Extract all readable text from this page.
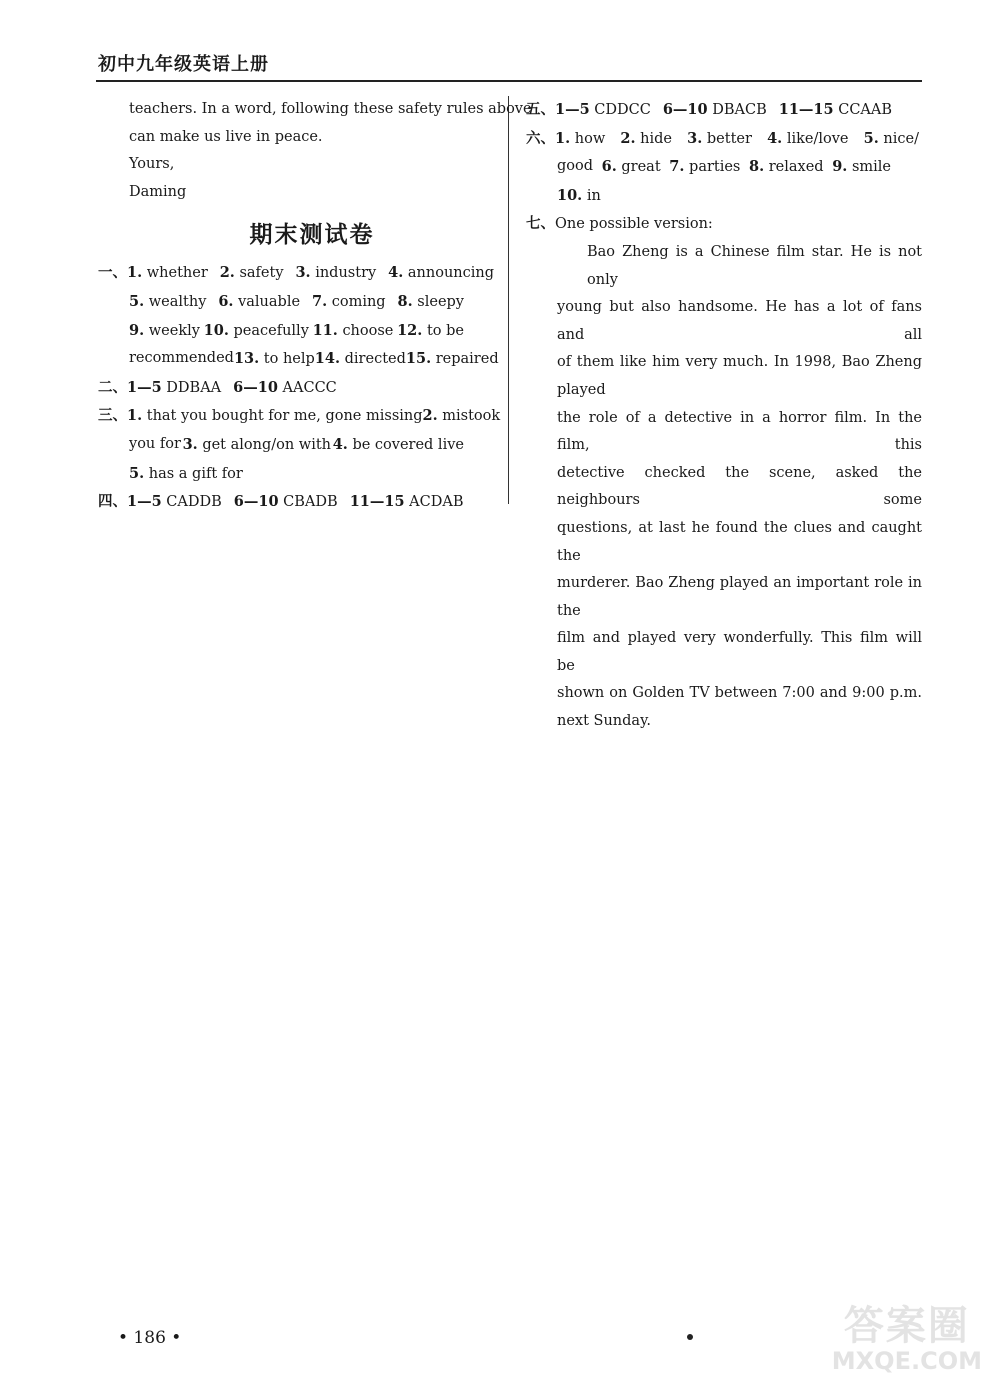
初中九年级英语上册
teachers. In a word, following these safety rules above
can make us live in peace.
Yours,
Daming
期末测试卷
一、 1. whether 2. safety 3. industry 4. announcing
5. wealthy 6. valuable 7. coming 8. sleepy
9. weekly 10. peacefully 11. choose 12. to be
recommended 13. to help 14. directed 15. repaired
二、1—5 DDBAA 6—10 AACCC
三、 1. that you bought for me, gone missing 2. mistook
you for 3. get along/on with 4. be covered live
5. has a gift for
四、1—5 CADDB 6—10 CBADB 11—15 ACDAB
五、1—5 CDDCC 6—10 DBACB 11—15 CCAAB
六、 1. how 2. hide 3. better 4. like/love 5. nice/
good 6. great 7. parties 8. relaxed 9. smile
10. in
七、One possible version:
Bao Zheng is a Chinese film star. He is not only
young but also handsome. He has a lot of fans and all
of them like him very much. In 1998, Bao Zheng played
the role of a detective in a horror film. In the film, this
detective checked the scene, asked the neighbours some
questions, at last he found the clues and caught the
murderer. Bao Zheng played an important role in the
film and played very wonderfully. This film will be
shown on Golden TV between 7:00 and 9:00 p.m.
next Sunday.
• 186 •	答案圈
MXQE.COM
